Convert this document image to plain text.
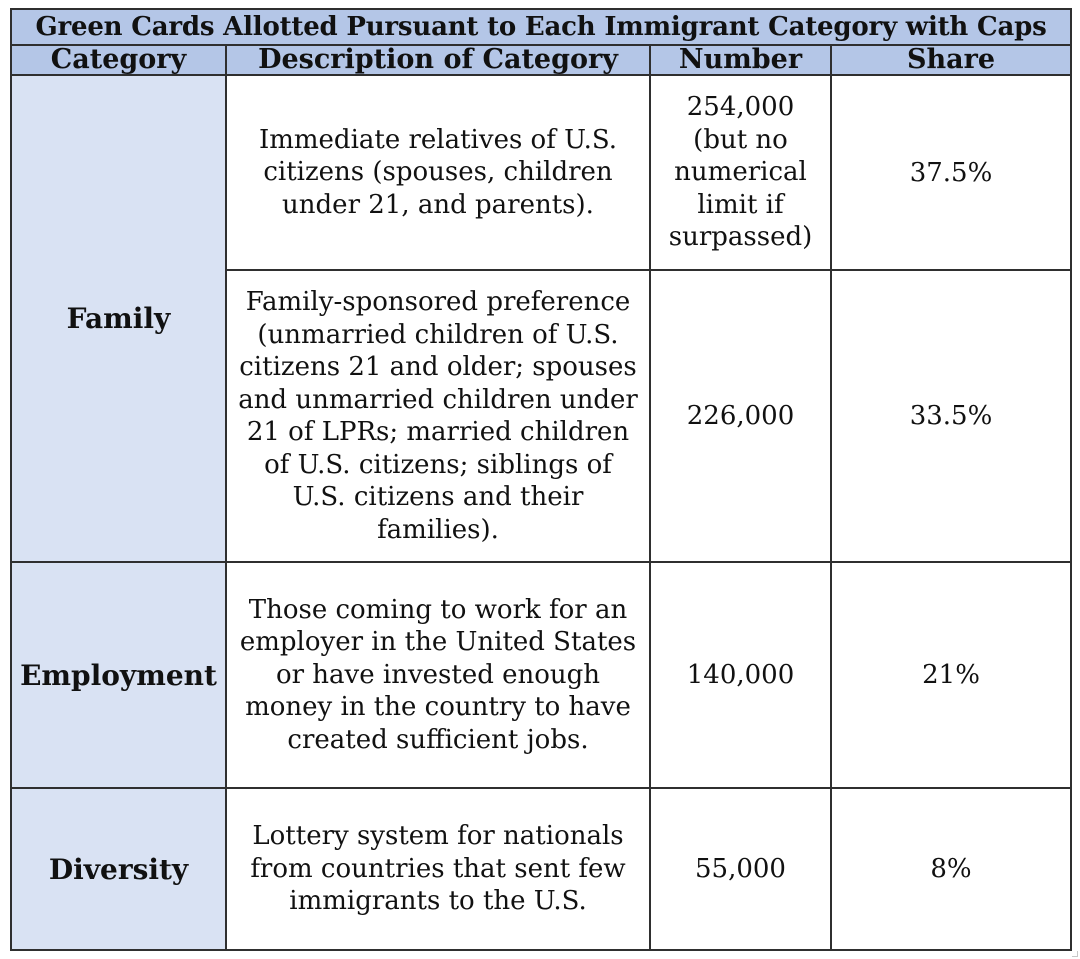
Green Cards Allotted Pursuant to Each Immigrant Category with Caps			
Category	Description of Category	Number	Share
Family	Immediate relatives of U.S. citizens (spouses, children under 21, and parents).	254,000 (but no numerical limit if surpassed)	37.5%
	Family-sponsored preference (unmarried children of U.S. citizens 21 and older; spouses and unmarried children under 21 of LPRs; married children of U.S. citizens; siblings of U.S. citizens and their families).	226,000	33.5%
Employment	Those coming to work for an employer in the United States or have invested enough money in the country to have created sufficient jobs.	140,000	21%
Diversity	Lottery system for nationals from countries that sent few immigrants to the U.S.	55,000	8%
